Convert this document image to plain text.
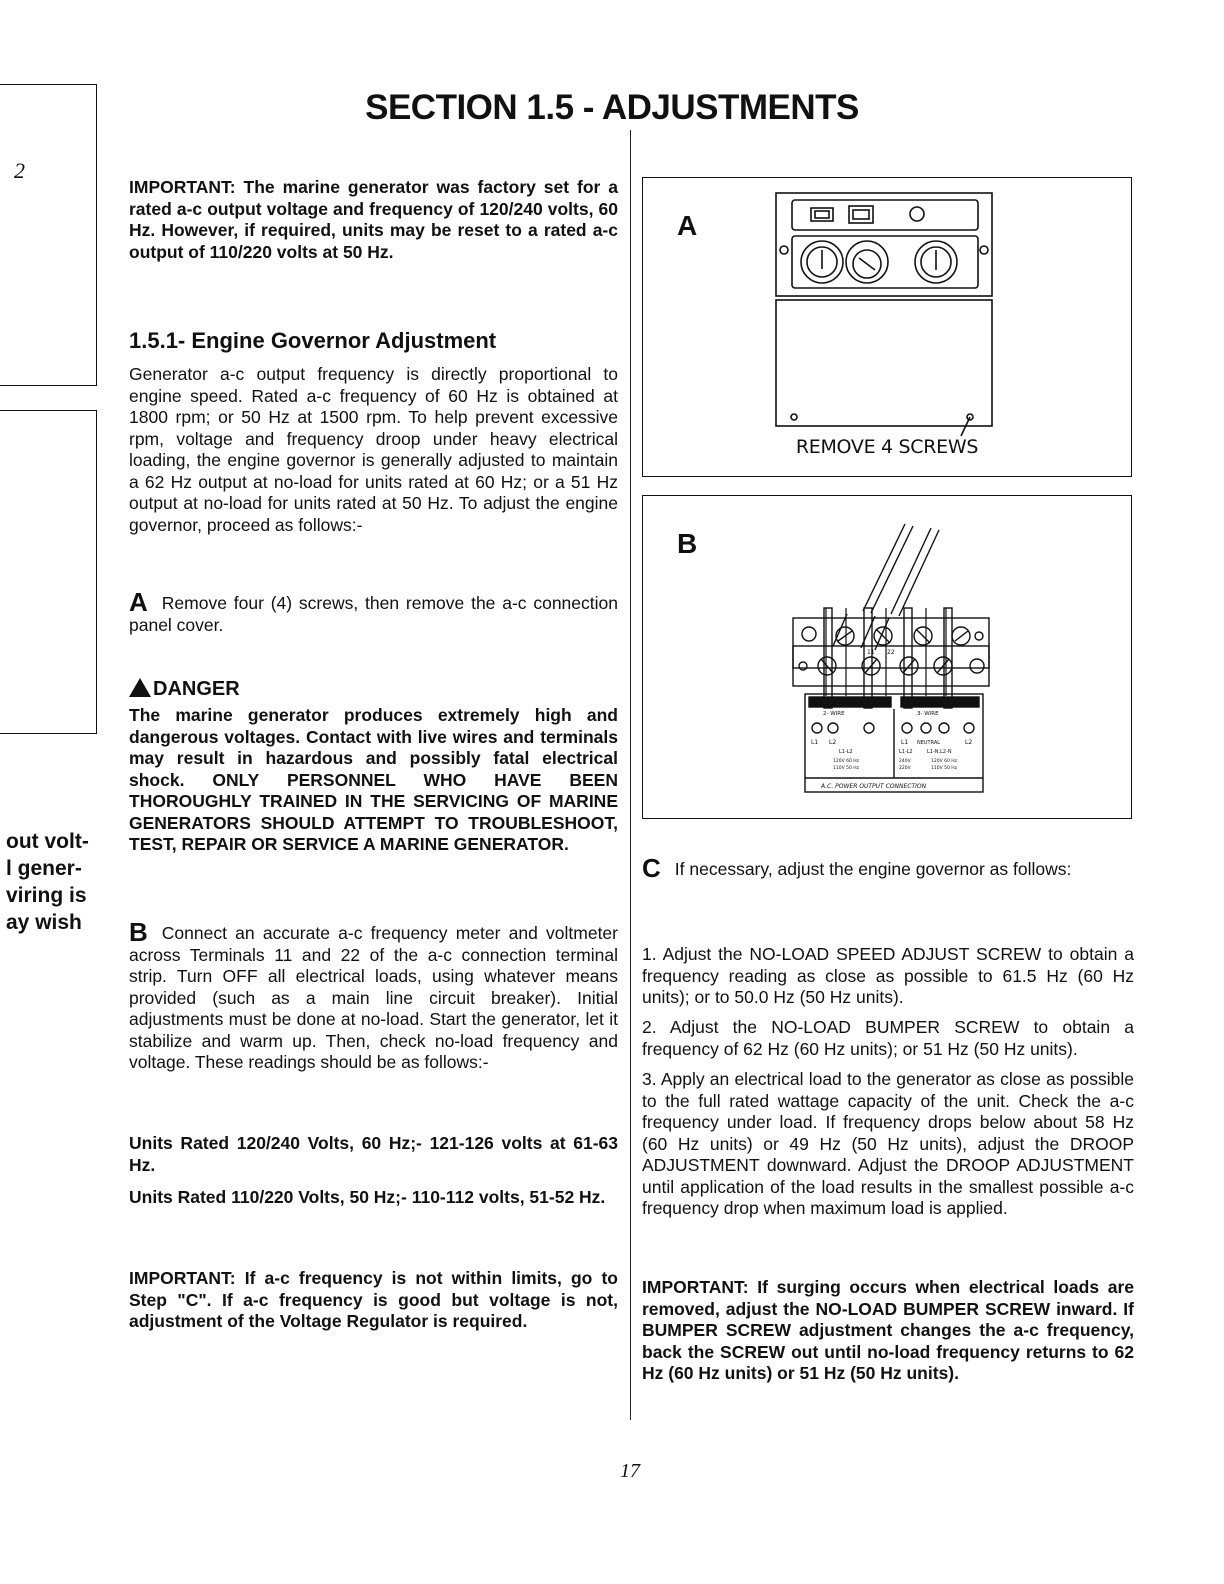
2
out volt-
l gener-
viring is
ay wish
SECTION 1.5 - ADJUSTMENTS
IMPORTANT: The marine generator was factory set for a rated a-c output voltage and frequency of 120/240 volts, 60 Hz. However, if required, units may be reset to a rated a-c output of 110/220 volts at 50 Hz.
1.5.1- Engine Governor Adjustment
Generator a-c output frequency is directly proportional to engine speed. Rated a-c frequency of 60 Hz is obtained at 1800 rpm; or 50 Hz at 1500 rpm. To help prevent excessive rpm, voltage and frequency droop under heavy electrical loading, the engine governor is generally adjusted to maintain a 62 Hz output at no-load for units rated at 60 Hz; or a 51 Hz output at no-load for units rated at 50 Hz. To adjust the engine governor, proceed as follows:-
A Remove four (4) screws, then remove the a-c connection panel cover.
DANGER
The marine generator produces extremely high and dangerous voltages. Contact with live wires and terminals may result in hazardous and possibly fatal electrical shock. ONLY PERSONNEL WHO HAVE BEEN THOROUGHLY TRAINED IN THE SERVICING OF MARINE GENERATORS SHOULD ATTEMPT TO TROUBLESHOOT, TEST, REPAIR OR SERVICE A MARINE GENERATOR.
B Connect an accurate a-c frequency meter and voltmeter across Terminals 11 and 22 of the a-c connection terminal strip. Turn OFF all electrical loads, using whatever means provided (such as a main line circuit breaker). Initial adjustments must be done at no-load. Start the generator, let it stabilize and warm up. Then, check no-load frequency and voltage. These readings should be as follows:-
Units Rated 120/240 Volts, 60 Hz;- 121-126 volts at 61-63 Hz.
Units Rated 110/220 Volts, 50 Hz;- 110-112 volts, 51-52 Hz.
IMPORTANT: If a-c frequency is not within limits, go to Step "C". If a-c frequency is good but voltage is not, adjustment of the Voltage Regulator is required.
A
REMOVE 4 SCREWS
B
11 22
2- WIRE	3- WIRE
L1 L2	L1 NEUTRAL	L2
L1-L2
120V 60 Hz
110V 50 Hz
L1-L2
240V
220V
L1-N,L2-N
120V 60 Hz
110V 50 Hz
A.C. POWER OUTPUT CONNECTION
C If necessary, adjust the engine governor as follows:
1. Adjust the NO-LOAD SPEED ADJUST SCREW to obtain a frequency reading as close as possible to 61.5 Hz (60 Hz units); or to 50.0 Hz (50 Hz units).
2. Adjust the NO-LOAD BUMPER SCREW to obtain a frequency of 62 Hz (60 Hz units); or 51 Hz (50 Hz units).
3. Apply an electrical load to the generator as close as possible to the full rated wattage capacity of the unit. Check the a-c frequency under load. If frequency drops below about 58 Hz (60 Hz units) or 49 Hz (50 Hz units), adjust the DROOP ADJUSTMENT downward. Adjust the DROOP ADJUSTMENT until application of the load results in the smallest possible a-c frequency drop when maximum load is applied.
IMPORTANT: If surging occurs when electrical loads are removed, adjust the NO-LOAD BUMPER SCREW inward. If BUMPER SCREW adjustment changes the a-c frequency, back the SCREW out until no-load frequency returns to 62 Hz (60 Hz units) or 51 Hz (50 Hz units).
17
